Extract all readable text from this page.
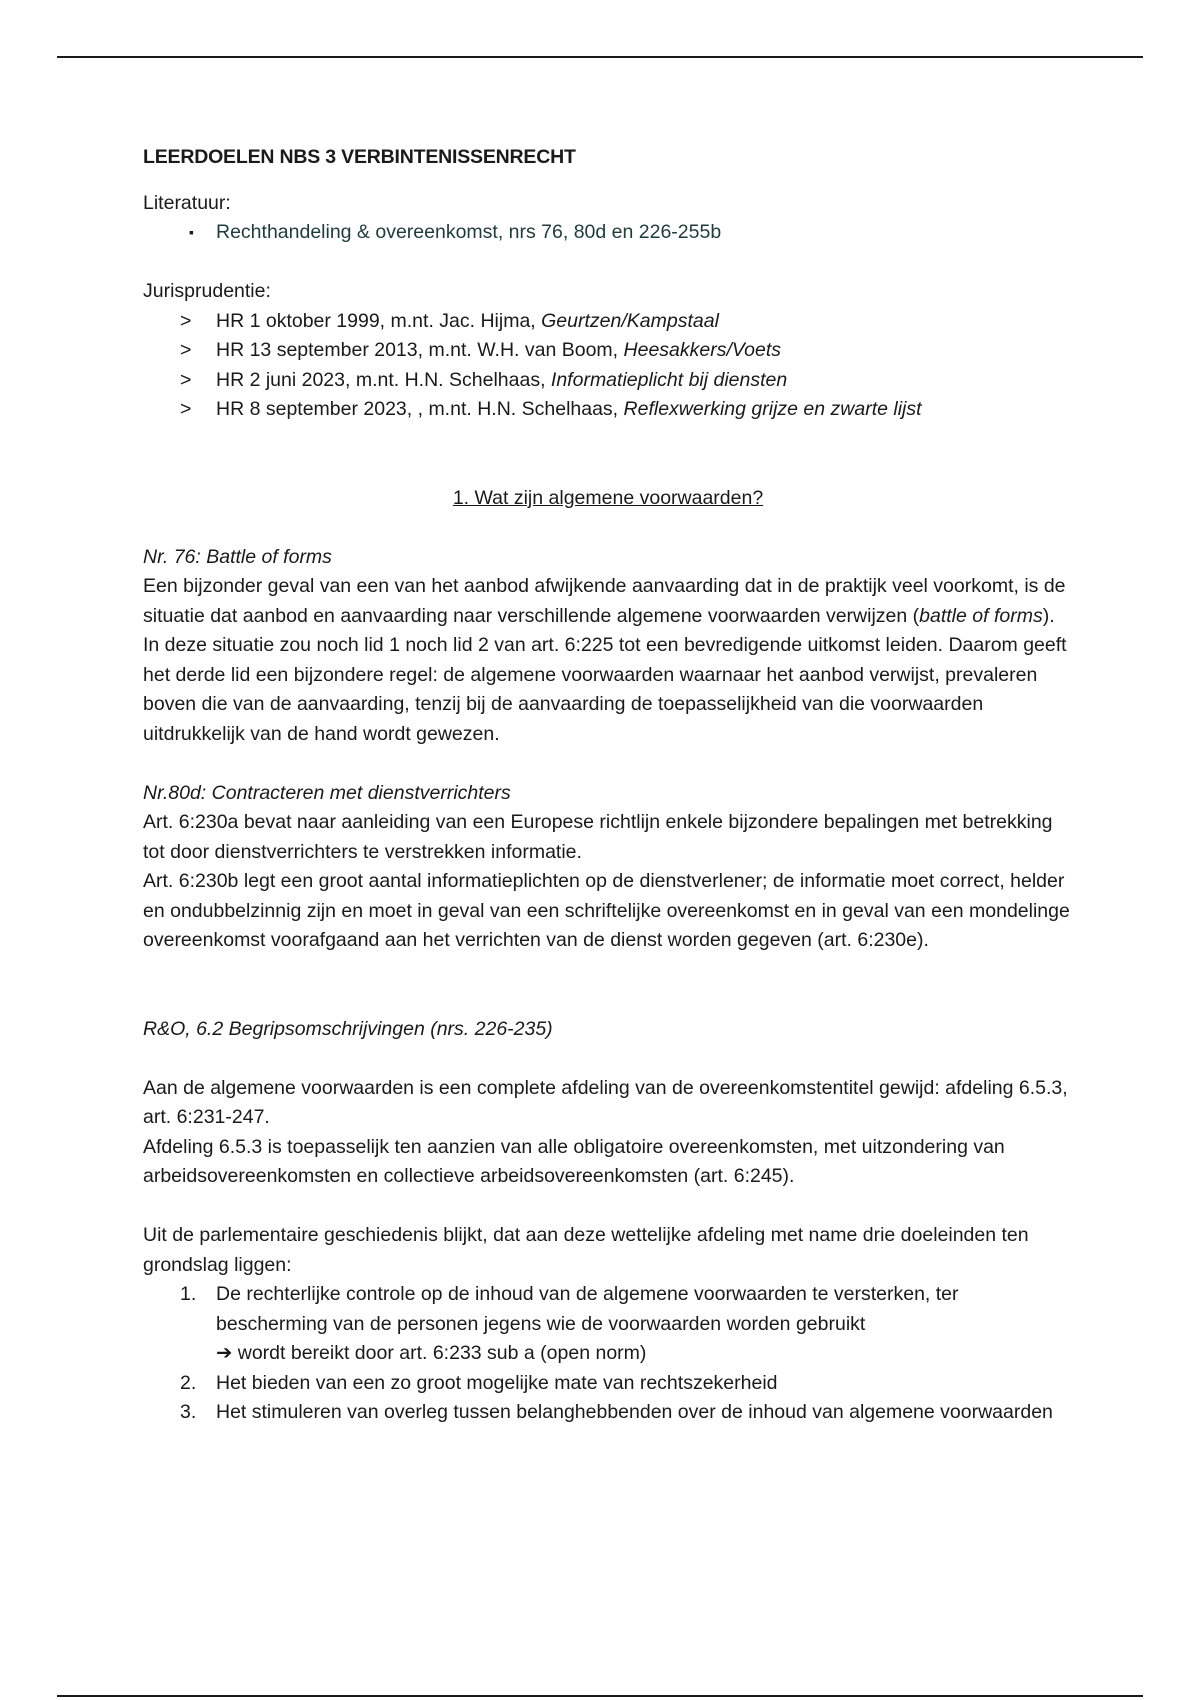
LEERDOELEN NBS 3 VERBINTENISSENRECHT

Literatuur:

▪ Rechthandeling & overeenkomst, nrs 76, 80d en 226-255b

Jurisprudentie:

> HR 1 oktober 1999, m.nt. Jac. Hijma, Geurtzen/Kampstaal
> HR 13 september 2013, m.nt. W.H. van Boom, Heesakkers/Voets
> HR 2 juni 2023, m.nt. H.N. Schelhaas, Informatieplicht bij diensten
> HR 8 september 2023, , m.nt. H.N. Schelhaas, Reflexwerking grijze en zwarte lijst

1. Wat zijn algemene voorwaarden?

Nr. 76: Battle of forms

Een bijzonder geval van een van het aanbod afwijkende aanvaarding dat in de praktijk veel voorkomt, is de situatie dat aanbod en aanvaarding naar verschillende algemene voorwaarden verwijzen (battle of forms).

In deze situatie zou noch lid 1 noch lid 2 van art. 6:225 tot een bevredigende uitkomst leiden. Daarom geeft het derde lid een bijzondere regel: de algemene voorwaarden waarnaar het aanbod verwijst, prevaleren boven die van de aanvaarding, tenzij bij de aanvaarding de toepasselijkheid van die voorwaarden uitdrukkelijk van de hand wordt gewezen.

Nr.80d: Contracteren met dienstverrichters

Art. 6:230a bevat naar aanleiding van een Europese richtlijn enkele bijzondere bepalingen met betrekking tot door dienstverrichters te verstrekken informatie.

Art. 6:230b legt een groot aantal informatieplichten op de dienstverlener; de informatie moet correct, helder en ondubbelzinnig zijn en moet in geval van een schriftelijke overeenkomst en in geval van een mondelinge overeenkomst voorafgaand aan het verrichten van de dienst worden gegeven (art. 6:230e).

R&O, 6.2 Begripsomschrijvingen (nrs. 226-235)

Aan de algemene voorwaarden is een complete afdeling van de overeenkomstentitel gewijd: afdeling 6.5.3, art. 6:231-247.

Afdeling 6.5.3 is toepasselijk ten aanzien van alle obligatoire overeenkomsten, met uitzondering van arbeidsovereenkomsten en collectieve arbeidsovereenkomsten (art. 6:245).

Uit de parlementaire geschiedenis blijkt, dat aan deze wettelijke afdeling met name drie doeleinden ten grondslag liggen:

1. De rechterlijke controle op de inhoud van de algemene voorwaarden te versterken, ter bescherming van de personen jegens wie de voorwaarden worden gebruikt
➔ wordt bereikt door art. 6:233 sub a (open norm)
2. Het bieden van een zo groot mogelijke mate van rechtszekerheid
3. Het stimuleren van overleg tussen belanghebbenden over de inhoud van algemene voorwaarden
